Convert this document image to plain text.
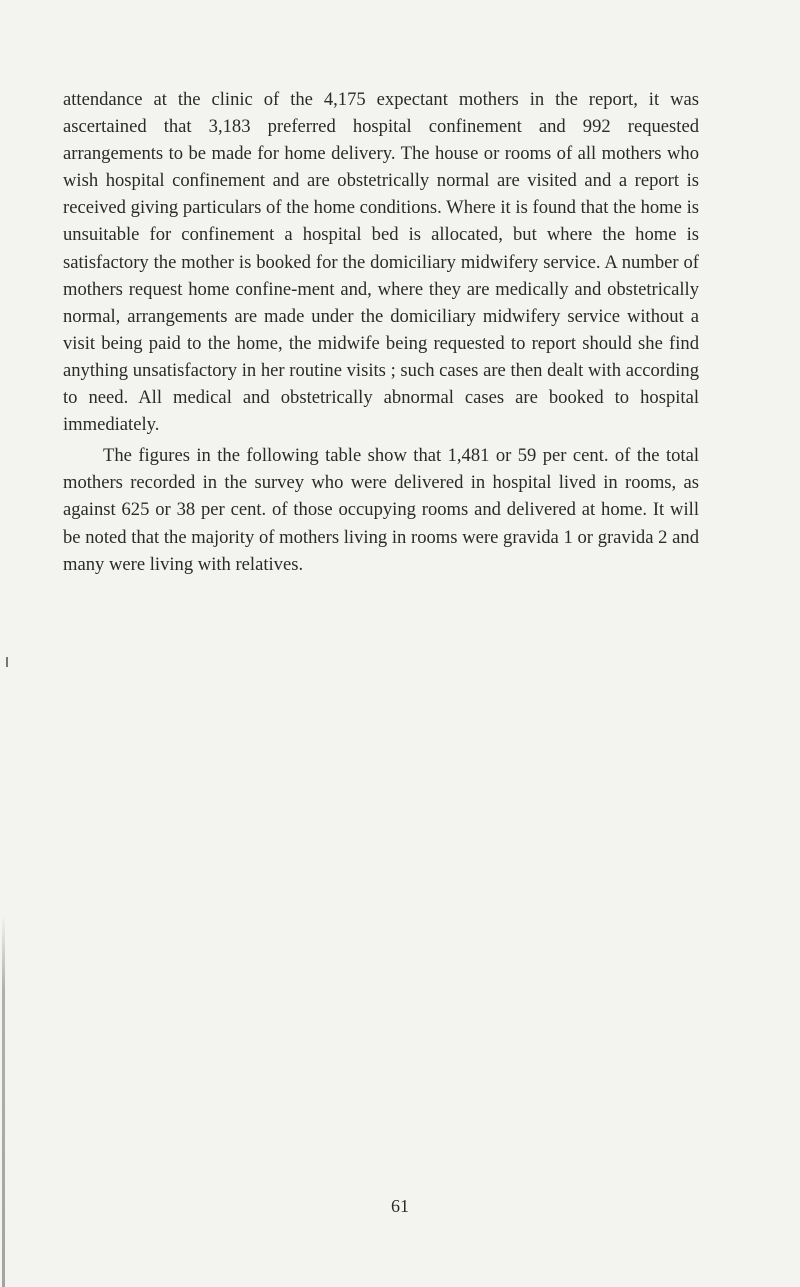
attendance at the clinic of the 4,175 expectant mothers in the report, it was ascertained that 3,183 preferred hospital confinement and 992 requested arrangements to be made for home delivery. The house or rooms of all mothers who wish hospital confinement and are obstetrically normal are visited and a report is received giving particulars of the home conditions. Where it is found that the home is unsuitable for confinement a hospital bed is allocated, but where the home is satisfactory the mother is booked for the domiciliary midwifery service. A number of mothers request home confine-ment and, where they are medically and obstetrically normal, arrangements are made under the domiciliary midwifery service without a visit being paid to the home, the midwife being requested to report should she find anything unsatisfactory in her routine visits ; such cases are then dealt with according to need. All medical and obstetrically abnormal cases are booked to hospital immediately.

The figures in the following table show that 1,481 or 59 per cent. of the total mothers recorded in the survey who were delivered in hospital lived in rooms, as against 625 or 38 per cent. of those occupying rooms and delivered at home. It will be noted that the majority of mothers living in rooms were gravida 1 or gravida 2 and many were living with relatives.

61
